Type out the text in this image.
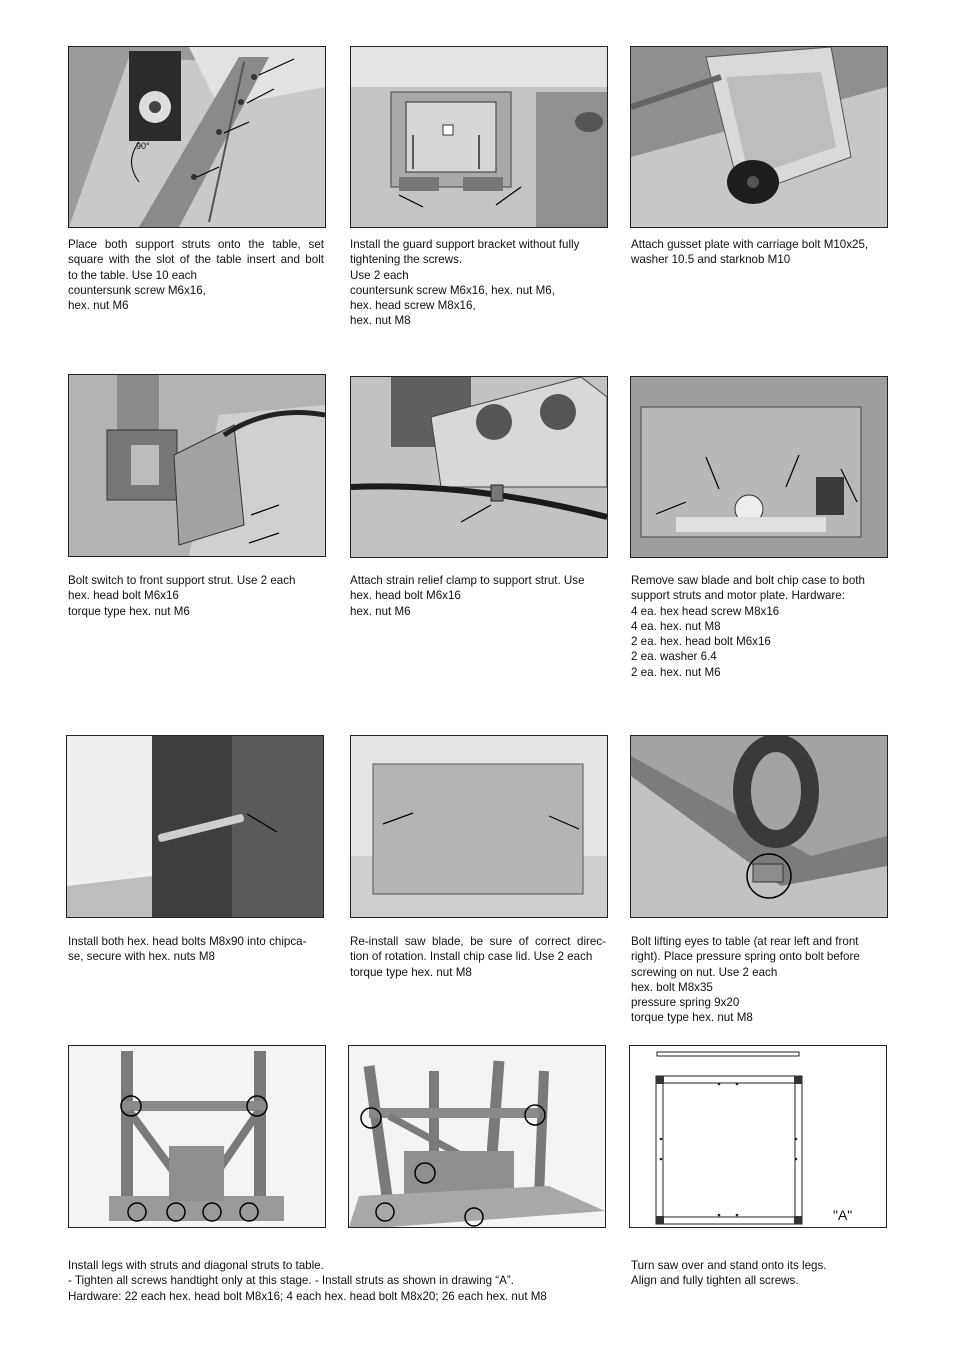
90°
Place both support struts onto the table, set
square with the slot of the table insert and bolt
to the table. Use 10 each
countersunk screw M6x16,
hex. nut M6
Install the guard support bracket without fully
tightening the screws.
Use 2 each
countersunk screw M6x16, hex. nut M6,
hex. head screw M8x16,
hex. nut M8
Attach gusset plate with carriage bolt M10x25,
washer 10.5 and starknob M10
Bolt switch to front support strut. Use 2 each
hex. head bolt M6x16
torque type hex. nut M6
Attach strain relief clamp to support strut. Use
hex. head bolt M6x16
hex. nut M6
Remove saw blade and bolt chip case to both
support struts and motor plate. Hardware:
4 ea. hex head screw M8x16
4 ea. hex. nut M8
2 ea. hex. head bolt M6x16
2 ea. washer 6.4
2 ea. hex. nut M6
Install both hex. head bolts M8x90 into chipca-
se, secure with hex. nuts M8
Re-install saw blade, be sure of correct direc-
tion of rotation. Install chip case lid. Use 2 each
torque type hex. nut M8
Bolt lifting eyes to table (at rear left and front
right). Place pressure spring onto bolt before
screwing on nut. Use 2 each
hex. bolt M8x35
pressure spring 9x20
torque type hex. nut M8
"A"
Install legs with struts and diagonal struts to table.
- Tighten all screws handtight only at this stage. - Install struts as shown in drawing “A”.
Hardware: 22 each hex. head bolt M8x16; 4 each hex. head bolt M8x20; 26 each hex. nut M8
Turn saw over and stand onto its legs.
Align and fully tighten all screws.
